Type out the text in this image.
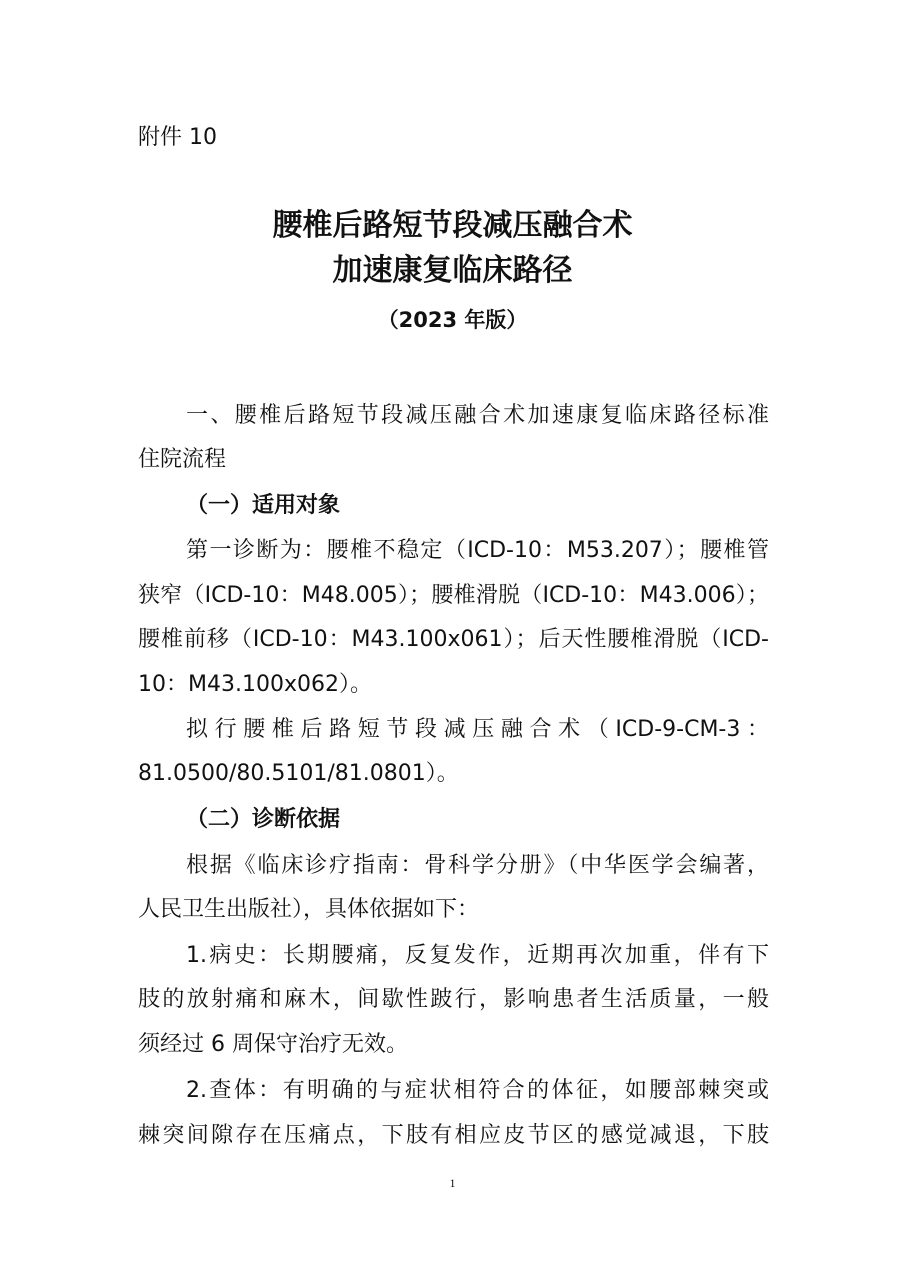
附件 10
腰椎后路短节段减压融合术
加速康复临床路径
（2023 年版）
一、腰椎后路短节段减压融合术加速康复临床路径标准
住院流程
（一）适用对象
第一诊断为：腰椎不稳定（ICD-10：M53.207）；腰椎管
狭窄（ICD-10：M48.005）；腰椎滑脱（ICD-10：M43.006）；
腰椎前移（ICD-10：M43.100x061）；后天性腰椎滑脱（ICD-
10：M43.100x062）。
拟行腰椎后路短节段减压融合术（ICD-9-CM-3：
81.0500/80.5101/81.0801）。
（二）诊断依据
根据《临床诊疗指南：骨科学分册》（中华医学会编著，
人民卫生出版社），具体依据如下：
1.病史：长期腰痛，反复发作，近期再次加重，伴有下
肢的放射痛和麻木，间歇性跛行，影响患者生活质量，一般
须经过 6 周保守治疗无效。
2.查体：有明确的与症状相符合的体征，如腰部棘突或
棘突间隙存在压痛点，下肢有相应皮节区的感觉减退，下肢
1
